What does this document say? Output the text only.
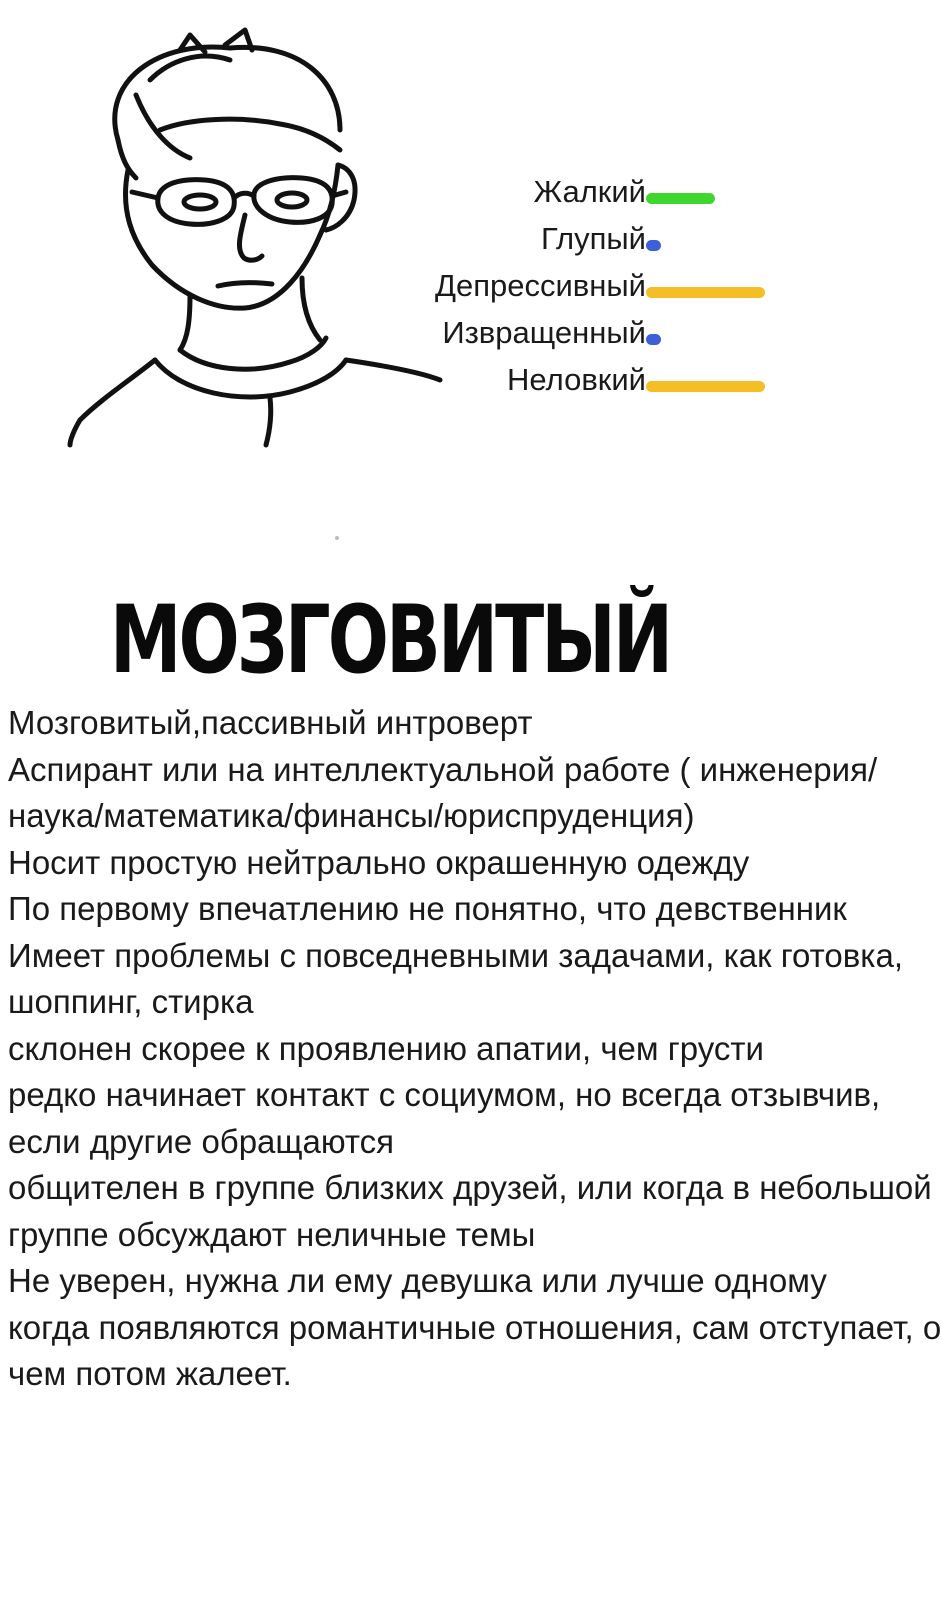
Жалкий
Глупый
Депрессивный
Извращенный
Неловкий
МОЗГОВИТЫЙ
Мозговитый,пассивный интроверт
Аспирант или на интеллектуальной работе ( инженерия/наука/математика/финансы/юриспруденция)
Носит простую нейтрально окрашенную одежду
По первому впечатлению не понятно, что девственник
Имеет проблемы с повседневными задачами, как готовка, шоппинг, стирка
склонен скорее к проявлению апатии, чем грусти
редко начинает контакт с социумом, но всегда отзывчив, если другие обращаются
общителен в группе близких друзей, или когда в небольшой группе обсуждают неличные темы
Не уверен, нужна ли ему девушка или лучше одному
когда появляются романтичные отношения, сам отступает, о чем потом жалеет.
